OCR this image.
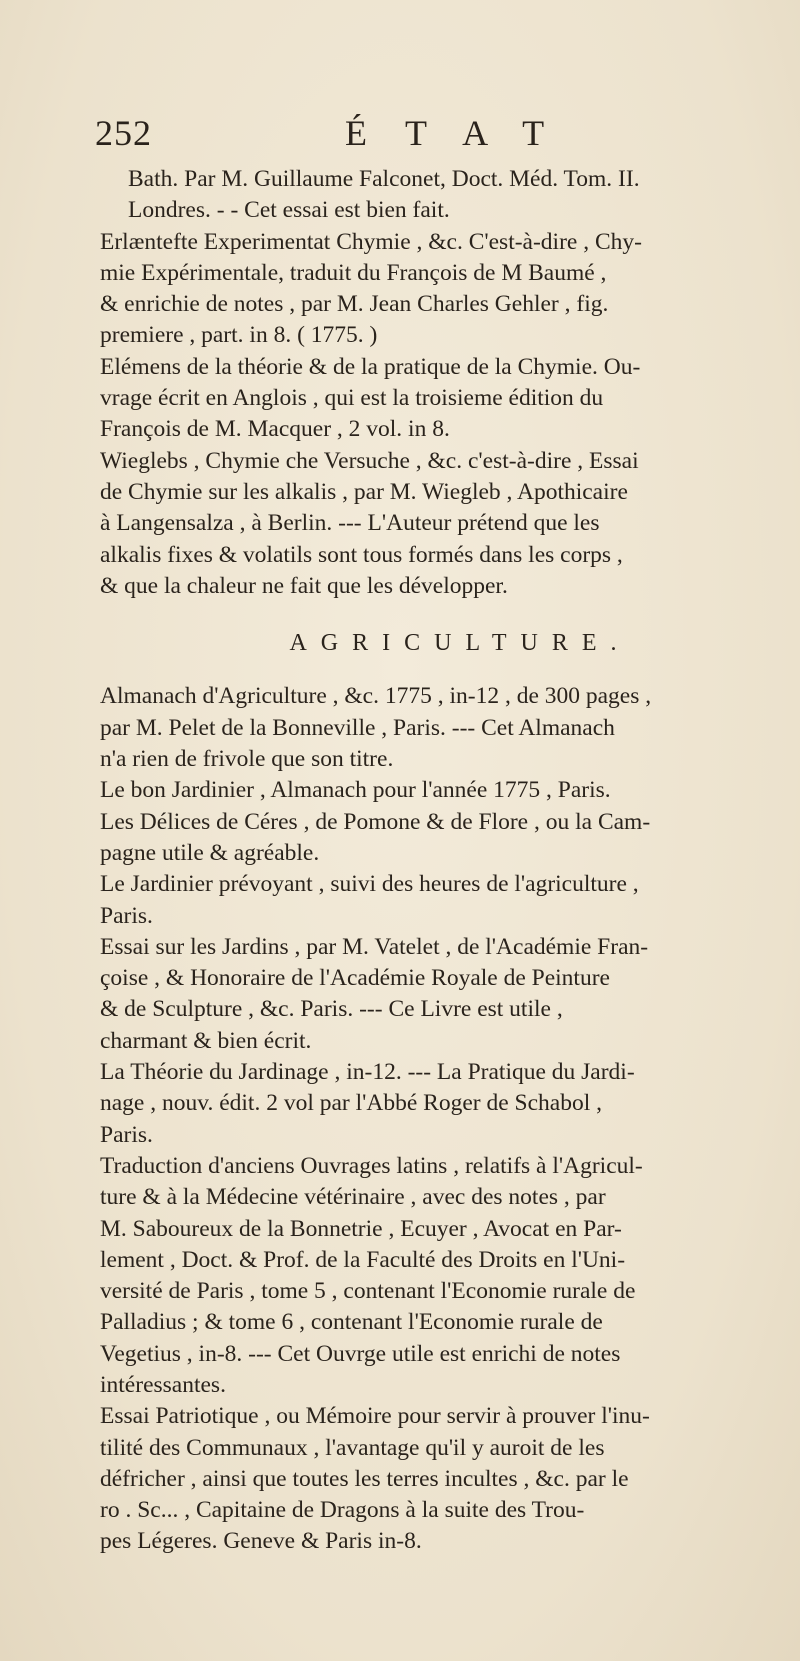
252	ÉTAT
Bath. Par M. Guillaume Falconet, Doct. Méd. Tom. II.
Londres. - - Cet essai est bien fait.
Erlæntefte Experimentat Chymie , &c. C'est-à-dire , Chy-
mie Expérimentale, traduit du François de M Baumé ,
& enrichie de notes , par M. Jean Charles Gehler , fig.
premiere , part. in 8. ( 1775. )
Elémens de la théorie & de la pratique de la Chymie. Ou-
vrage écrit en Anglois , qui est la troisieme édition du
François de M. Macquer , 2 vol. in 8.
Wieglebs , Chymie che Versuche , &c. c'est-à-dire , Essai
de Chymie sur les alkalis , par M. Wiegleb , Apothicaire
à Langensalza , à Berlin. --- L'Auteur prétend que les
alkalis fixes & volatils sont tous formés dans les corps ,
& que la chaleur ne fait que les développer.
AGRICULTURE.
Almanach d'Agriculture , &c. 1775 , in-12 , de 300 pages ,
par M. Pelet de la Bonneville , Paris. --- Cet Almanach
n'a rien de frivole que son titre.
Le bon Jardinier , Almanach pour l'année 1775 , Paris.
Les Délices de Céres , de Pomone & de Flore , ou la Cam-
pagne utile & agréable.
Le Jardinier prévoyant , suivi des heures de l'agriculture ,
Paris.
Essai sur les Jardins , par M. Vatelet , de l'Académie Fran-
çoise , & Honoraire de l'Académie Royale de Peinture
& de Sculpture , &c. Paris. --- Ce Livre est utile ,
charmant & bien écrit.
La Théorie du Jardinage , in-12. --- La Pratique du Jardi-
nage , nouv. édit. 2 vol par l'Abbé Roger de Schabol ,
Paris.
Traduction d'anciens Ouvrages latins , relatifs à l'Agricul-
ture & à la Médecine vétérinaire , avec des notes , par
M. Saboureux de la Bonnetrie , Ecuyer , Avocat en Par-
lement , Doct. & Prof. de la Faculté des Droits en l'Uni-
versité de Paris , tome 5 , contenant l'Economie rurale de
Palladius ; & tome 6 , contenant l'Economie rurale de
Vegetius , in-8. --- Cet Ouvrge utile est enrichi de notes
intéressantes.
Essai Patriotique , ou Mémoire pour servir à prouver l'inu-
tilité des Communaux , l'avantage qu'il y auroit de les
défricher , ainsi que toutes les terres incultes , &c. par le
ro . Sc... , Capitaine de Dragons à la suite des Trou-
pes Légeres. Geneve & Paris in-8.
